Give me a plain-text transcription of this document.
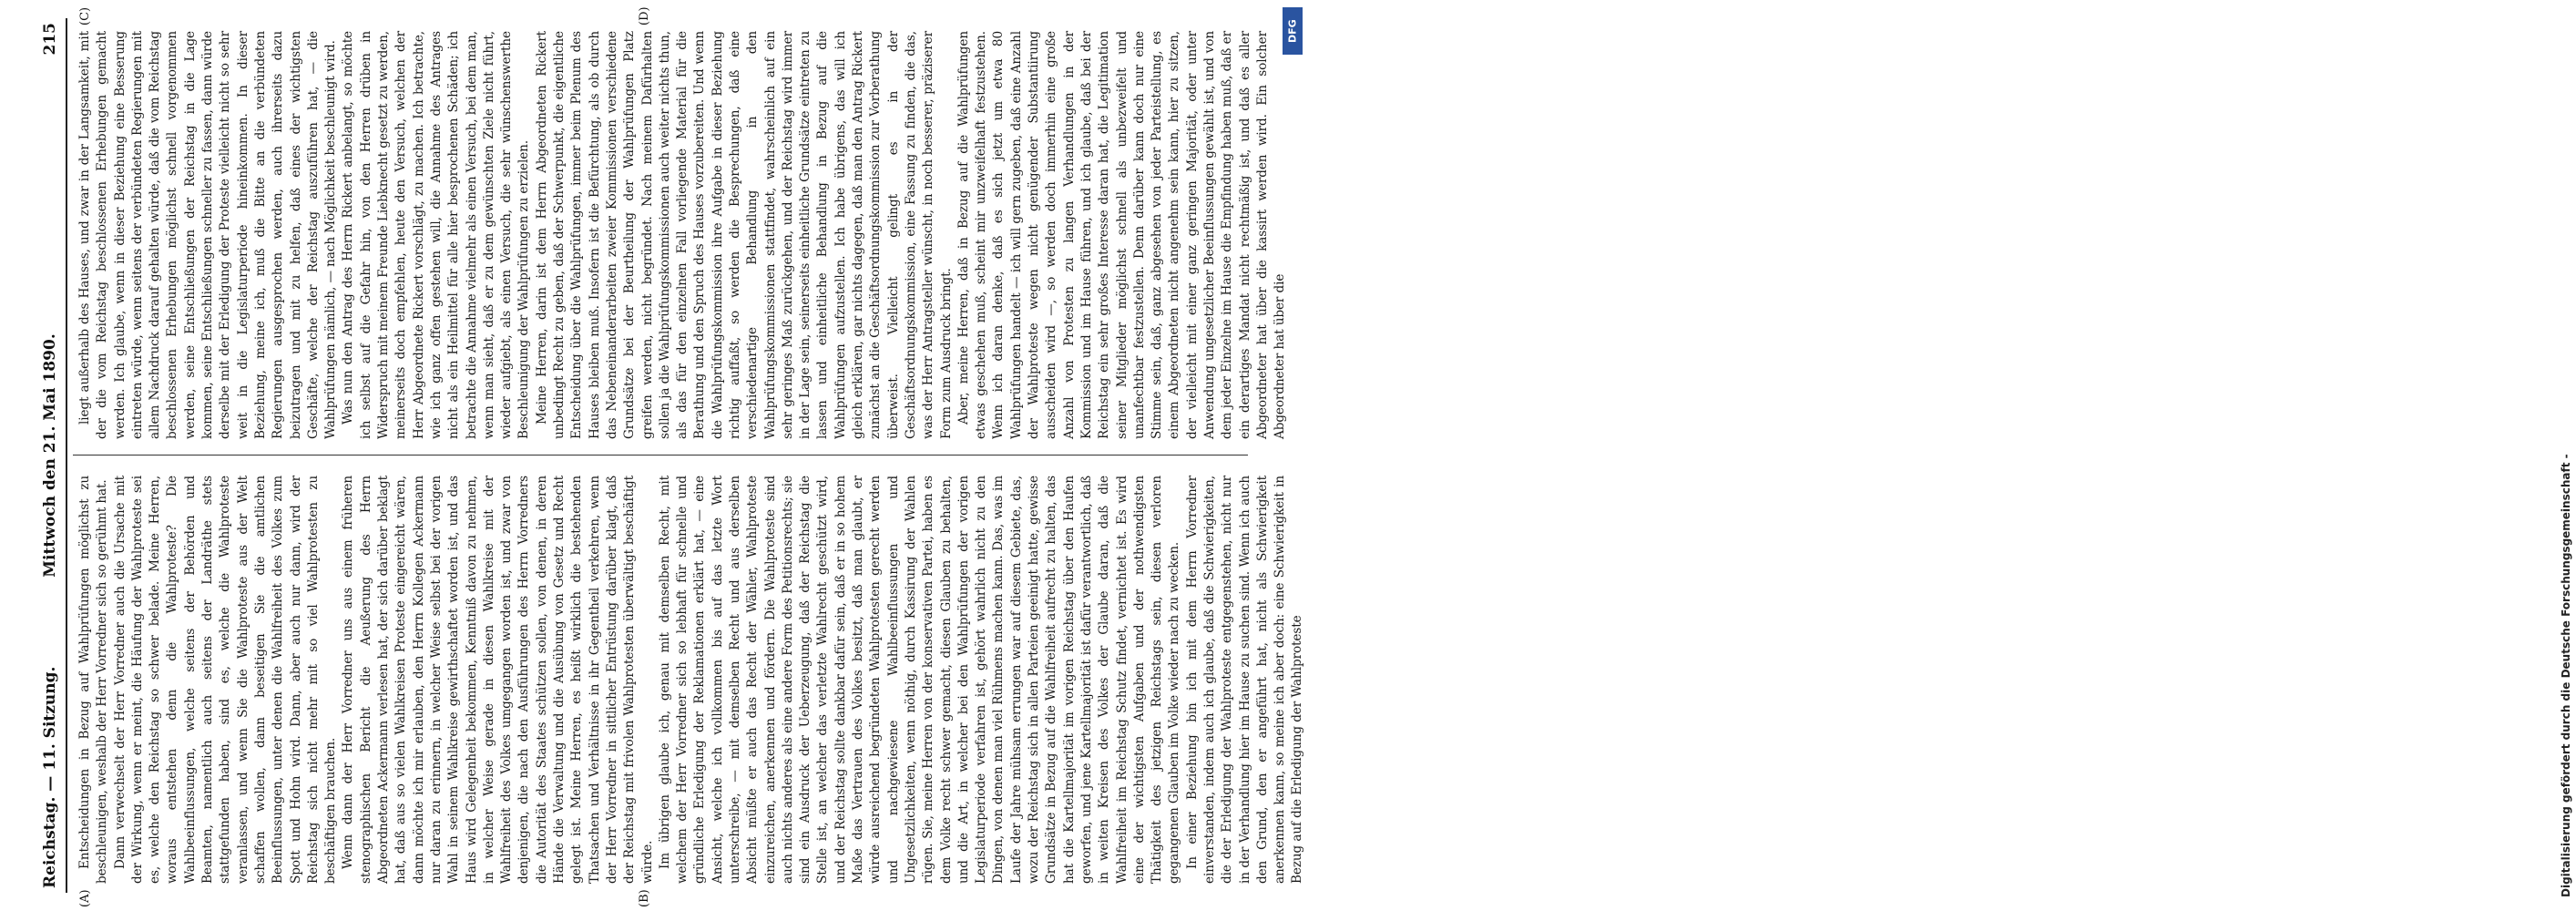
Reichstag. — 11. Sitzung.
Mittwoch den 21. Mai 1890.
215
(A)	(B)
(C)	(D)

Entscheidungen in Bezug auf Wahlprüfungen möglichst zu beschleunigen, weshalb der Herr Vorredner sich so gerühmt hat. Dann verwechselt der Herr Vorredner auch die Ursache mit der Wirkung, wenn er meint, die Häufung der Wahlproteste sei es, welche den Reichstag so schwer belade. Meine Herren, woraus entstehen denn die Wahlproteste? Die Wahlbeeinflussungen, welche seitens der Behörden und Beamten, namentlich auch seitens der Landräthe stets stattgefunden haben, sind es, welche die Wahlproteste veranlassen, und wenn Sie die Wahlproteste aus der Welt schaffen wollen, dann beseitigen Sie die amtlichen Beeinflussungen, unter denen die Wahlfreiheit des Volkes zum Spott und Hohn wird. Dann, aber auch nur dann, wird der Reichstag sich nicht mehr mit so viel Wahlprotesten zu beschäftigen brauchen. Wenn dann der Herr Vorredner uns aus einem früheren stenographischen Bericht die Aeußerung des Herrn Abgeordneten Ackermann verlesen hat, der sich darüber beklagt hat, daß aus so vielen Wahlkreisen Proteste eingereicht wären, dann möchte ich mir erlauben, den Herrn Kollegen Ackermann nur daran zu erinnern, in welcher Weise selbst bei der vorigen Wahl in seinem Wahlkreise gewirthschaftet worden ist, und das Haus wird Gelegenheit bekommen, Kenntniß davon zu nehmen, in welcher Weise gerade in diesen Wahlkreise mit der Wahlfreiheit des Volkes umgegangen worden ist, und zwar von denjenigen, die nach den Ausführungen des Herrn Vorredners die Autorität des Staates schützen sollen, von denen, in deren Hände die Verwaltung und die Ausübung von Gesetz und Recht gelegt ist. Meine Herren, es heißt wirklich die bestehenden Thatsachen und Verhältnisse in ihr Gegentheil verkehren, wenn der Herr Vorredner in sittlicher Entrüstung darüber klagt, daß der Reichstag mit frivolen Wahlprotesten überwältigt beschäftigt würde. Im übrigen glaube ich, genau mit demselben Recht, mit welchem der Herr Vorredner sich so lebhaft für schnelle und gründliche Erledigung der Reklamationen erklärt hat, — eine Ansicht, welche ich vollkommen bis auf das letzte Wort unterschreibe, — mit demselben Recht und aus derselben Absicht müßte er auch das Recht der Wähler, Wahlproteste einzureichen, anerkennen und fördern. Die Wahlproteste sind auch nichts anderes als eine andere Form des Petitionsrechts; sie sind ein Ausdruck der Ueberzeugung, daß der Reichstag die Stelle ist, an welcher das verletzte Wahlrecht geschützt wird, und der Reichstag sollte dankbar dafür sein, daß er in so hohem Maße das Vertrauen des Volkes besitzt, daß man glaubt, er würde ausreichend begründeten Wahlprotesten gerecht werden und nachgewiesene Wahlbeeinflussungen und Ungesetzlichkeiten, wenn nöthig, durch Kassirung der Wahlen rügen. Sie, meine Herren von der konservativen Partei, haben es dem Volke recht schwer gemacht, diesen Glauben zu behalten, und die Art, in welcher bei den Wahlprüfungen der vorigen Legislaturperiode verfahren ist, gehört wahrlich nicht zu den Dingen, von denen man viel Rühmens machen kann. Das, was im Laufe der Jahre mühsam errungen war auf diesem Gebiete, das, wozu der Reichstag sich in allen Parteien geeinigt hatte, gewisse Grundsätze in Bezug auf die Wahlfreiheit aufrecht zu halten, das hat die Kartellmajorität im vorigen Reichstag über den Haufen geworfen, und jene Kartellmajorität ist dafür verantwortlich, daß in weiten Kreisen des Volkes der Glaube daran, daß die Wahlfreiheit im Reichstag Schutz findet, vernichtet ist. Es wird eine der wichtigsten Aufgaben und der nothwendigsten Thätigkeit des jetzigen Reichstags sein, diesen verloren gegangenen Glauben im Volke wieder nach zu wecken. In einer Beziehung bin ich mit dem Herrn Vorredner einverstanden, indem auch ich glaube, daß die Schwierigkeiten, die der Erledigung der Wahlproteste entgegenstehen, nicht nur in der Verhandlung hier im Hause zu suchen sind. Wenn ich auch den Grund, den er angeführt hat, nicht als Schwierigkeit anerkennen kann, so meine ich aber doch: eine Schwierigkeit in Bezug auf die Erledigung der Wahlproteste

liegt außerhalb des Hauses, und zwar in der Langsamkeit, mit der die vom Reichstag beschlossenen Erhebungen gemacht werden. Ich glaube, wenn in dieser Beziehung eine Besserung eintreten würde, wenn seitens der verbündeten Regierungen mit allem Nachdruck darauf gehalten würde, daß die vom Reichstag beschlossenen Erhebungen möglichst schnell vorgenommen werden, seine Entschließungen der Reichstag in die Lage kommen, seine Entschließungen schneller zu fassen, dann würde derselbe mit der Erledigung der Proteste vielleicht nicht so sehr weit in die Legislaturperiode hineinkommen. In dieser Beziehung, meine ich, muß die Bitte an die verbündeten Regierungen ausgesprochen werden, auch ihrerseits dazu beizutragen und mit zu helfen, daß eines der wichtigsten Geschäfte, welche der Reichstag auszuführen hat, — die Wahlprüfungen nämlich, — nach Möglichkeit beschleunigt wird. Was nun den Antrag des Herrn Rickert anbelangt, so möchte ich selbst auf die Gefahr hin, von den Herren drüben in Widerspruch mit meinem Freunde Liebknecht gesetzt zu werden, meinerseits doch empfehlen, heute den Versuch, welchen der Herr Abgeordnete Rickert vorschlägt, zu machen. Ich betrachte, wie ich ganz offen gestehen will, die Annahme des Antrages nicht als ein Heilmittel für alle hier besprochenen Schäden; ich betrachte die Annahme vielmehr als einen Versuch, bei dem man, wenn man sieht, daß er zu dem gewünschten Ziele nicht führt, wieder aufgiebt, als einen Versuch, die sehr wünschenswerthe Beschleunigung der Wahlprüfungen zu erzielen. Meine Herren, darin ist dem Herrn Abgeordneten Rickert unbedingt Recht zu geben, daß der Schwerpunkt, die eigentliche Entscheidung über die Wahlprüfungen, immer beim Plenum des Hauses bleiben muß. Insofern ist die Befürchtung, als ob durch das Nebeneinanderarbeiten zweier Kommissionen verschiedene Grundsätze bei der Beurtheilung der Wahlprüfungen Platz greifen werden, nicht begründet. Nach meinem Dafürhalten sollen ja die Wahlprüfungskommissionen auch weiter nichts thun, als das für den einzelnen Fall vorliegende Material für die Berathung und den Spruch des Hauses vorzubereiten. Und wenn die Wahlprüfungskommission ihre Aufgabe in dieser Beziehung richtig auffaßt, so werden die Besprechungen, daß eine verschiedenartige Behandlung in den Wahlprüfungskommissionen stattfindet, wahrscheinlich auf ein sehr geringes Maß zurückgehen, und der Reichstag wird immer in der Lage sein, seinerseits einheitliche Grundsätze eintreten zu lassen und einheitliche Behandlung in Bezug auf die Wahlprüfungen aufzustellen. Ich habe übrigens, das will ich gleich erklären, gar nichts dagegen, daß man den Antrag Rickert zunächst an die Geschäftsordnungskommission zur Vorberathung überweist. Vielleicht gelingt es in der Geschäftsordnungskommission, eine Fassung zu finden, die das, was der Herr Antragsteller wünscht, in noch besserer, präziserer Form zum Ausdruck bringt. Aber, meine Herren, daß in Bezug auf die Wahlprüfungen etwas geschehen muß, scheint mir unzweifelhaft festzustehen. Wenn ich daran denke, daß es sich jetzt um etwa 80 Wahlprüfungen handelt — ich will gern zugeben, daß eine Anzahl der Wahlproteste wegen nicht genügender Substantiirung ausscheiden wird —, so werden doch immerhin eine große Anzahl von Protesten zu langen Verhandlungen in der Kommission und im Hause führen, und ich glaube, daß bei der Reichstag ein sehr großes Interesse daran hat, die Legitimation seiner Mitglieder möglichst schnell als unbezweifelt und unanfechtbar festzustellen. Denn darüber kann doch nur eine Stimme sein, daß, ganz abgesehen von jeder Parteistellung, es einem Abgeordneten nicht angenehm sein kann, hier zu sitzen, der vielleicht mit einer ganz geringen Majorität, oder unter Anwendung ungesetzlicher Beeinflussungen gewählt ist, und von dem jeder Einzelne im Hause die Empfindung haben muß, daß er ein derartiges Mandat nicht rechtmäßig ist, und daß es aller Abgeordneter hat über die kassirt werden wird. Ein solcher Abgeordneter hat über die

Digitalisierung gefördert durch die Deutsche Forschungsgemeinschaft -
DFG
